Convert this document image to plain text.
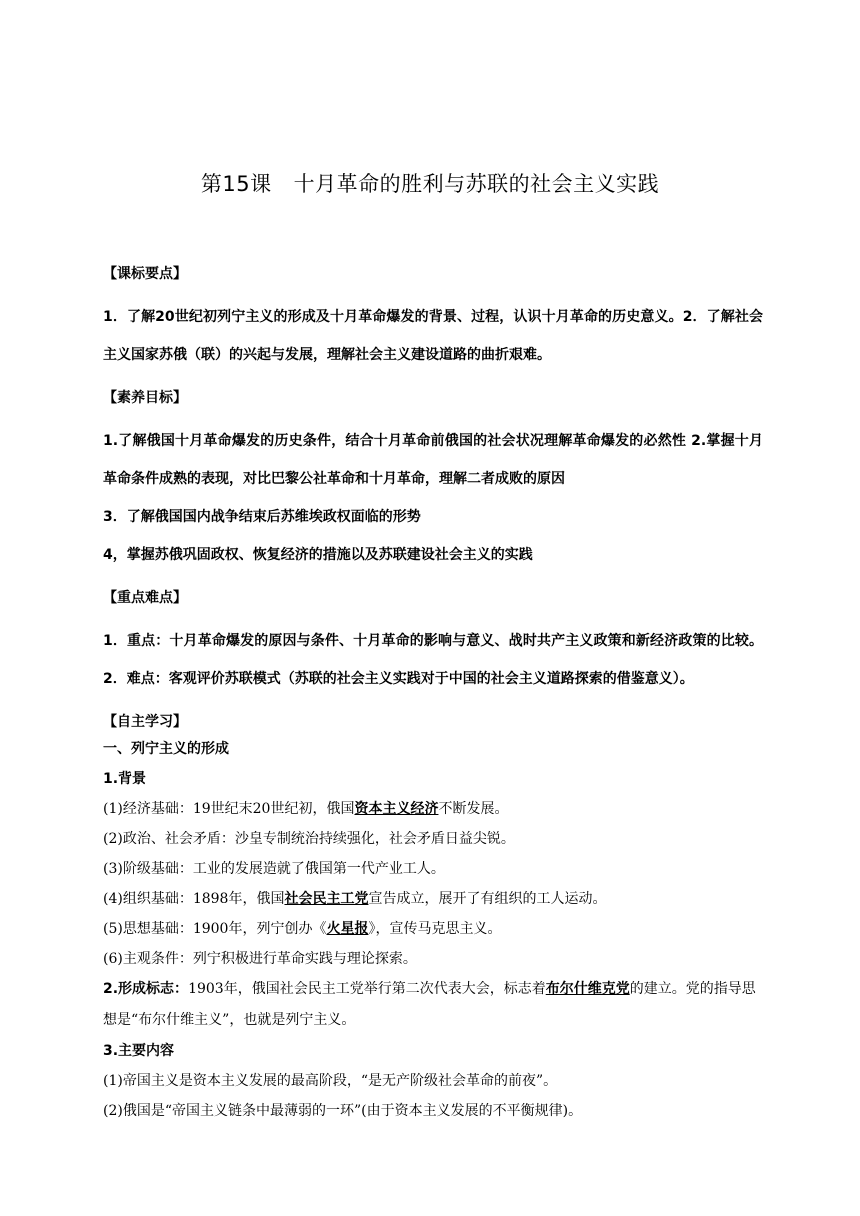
第15课 十月革命的胜利与苏联的社会主义实践

【课标要点】

1．了解20世纪初列宁主义的形成及十月革命爆发的背景、过程，认识十月革命的历史意义。2．了解社会主义国家苏俄（联）的兴起与发展，理解社会主义建设道路的曲折艰难。

【素养目标】

1.了解俄国十月革命爆发的历史条件，结合十月革命前俄国的社会状况理解革命爆发的必然性 2.掌握十月革命条件成熟的表现，对比巴黎公社革命和十月革命，理解二者成败的原因

3．了解俄国国内战争结束后苏维埃政权面临的形势

4，掌握苏俄巩固政权、恢复经济的措施以及苏联建设社会主义的实践

【重点难点】

1．重点：十月革命爆发的原因与条件、十月革命的影响与意义、战时共产主义政策和新经济政策的比较。2．难点：客观评价苏联模式（苏联的社会主义实践对于中国的社会主义道路探索的借鉴意义）。

【自主学习】

一、列宁主义的形成

1.背景

(1)经济基础：19世纪末20世纪初，俄国资本主义经济不断发展。

(2)政治、社会矛盾：沙皇专制统治持续强化，社会矛盾日益尖锐。

(3)阶级基础：工业的发展造就了俄国第一代产业工人。

(4)组织基础：1898年，俄国社会民主工党宣告成立，展开了有组织的工人运动。

(5)思想基础：1900年，列宁创办《火星报》，宣传马克思主义。

(6)主观条件：列宁积极进行革命实践与理论探索。

2.形成标志：1903年，俄国社会民主工党举行第二次代表大会，标志着布尔什维克党的建立。党的指导思想是“布尔什维主义”，也就是列宁主义。

3.主要内容

(1)帝国主义是资本主义发展的最高阶段，“是无产阶级社会革命的前夜”。

(2)俄国是“帝国主义链条中最薄弱的一环”(由于资本主义发展的不平衡规律)。
